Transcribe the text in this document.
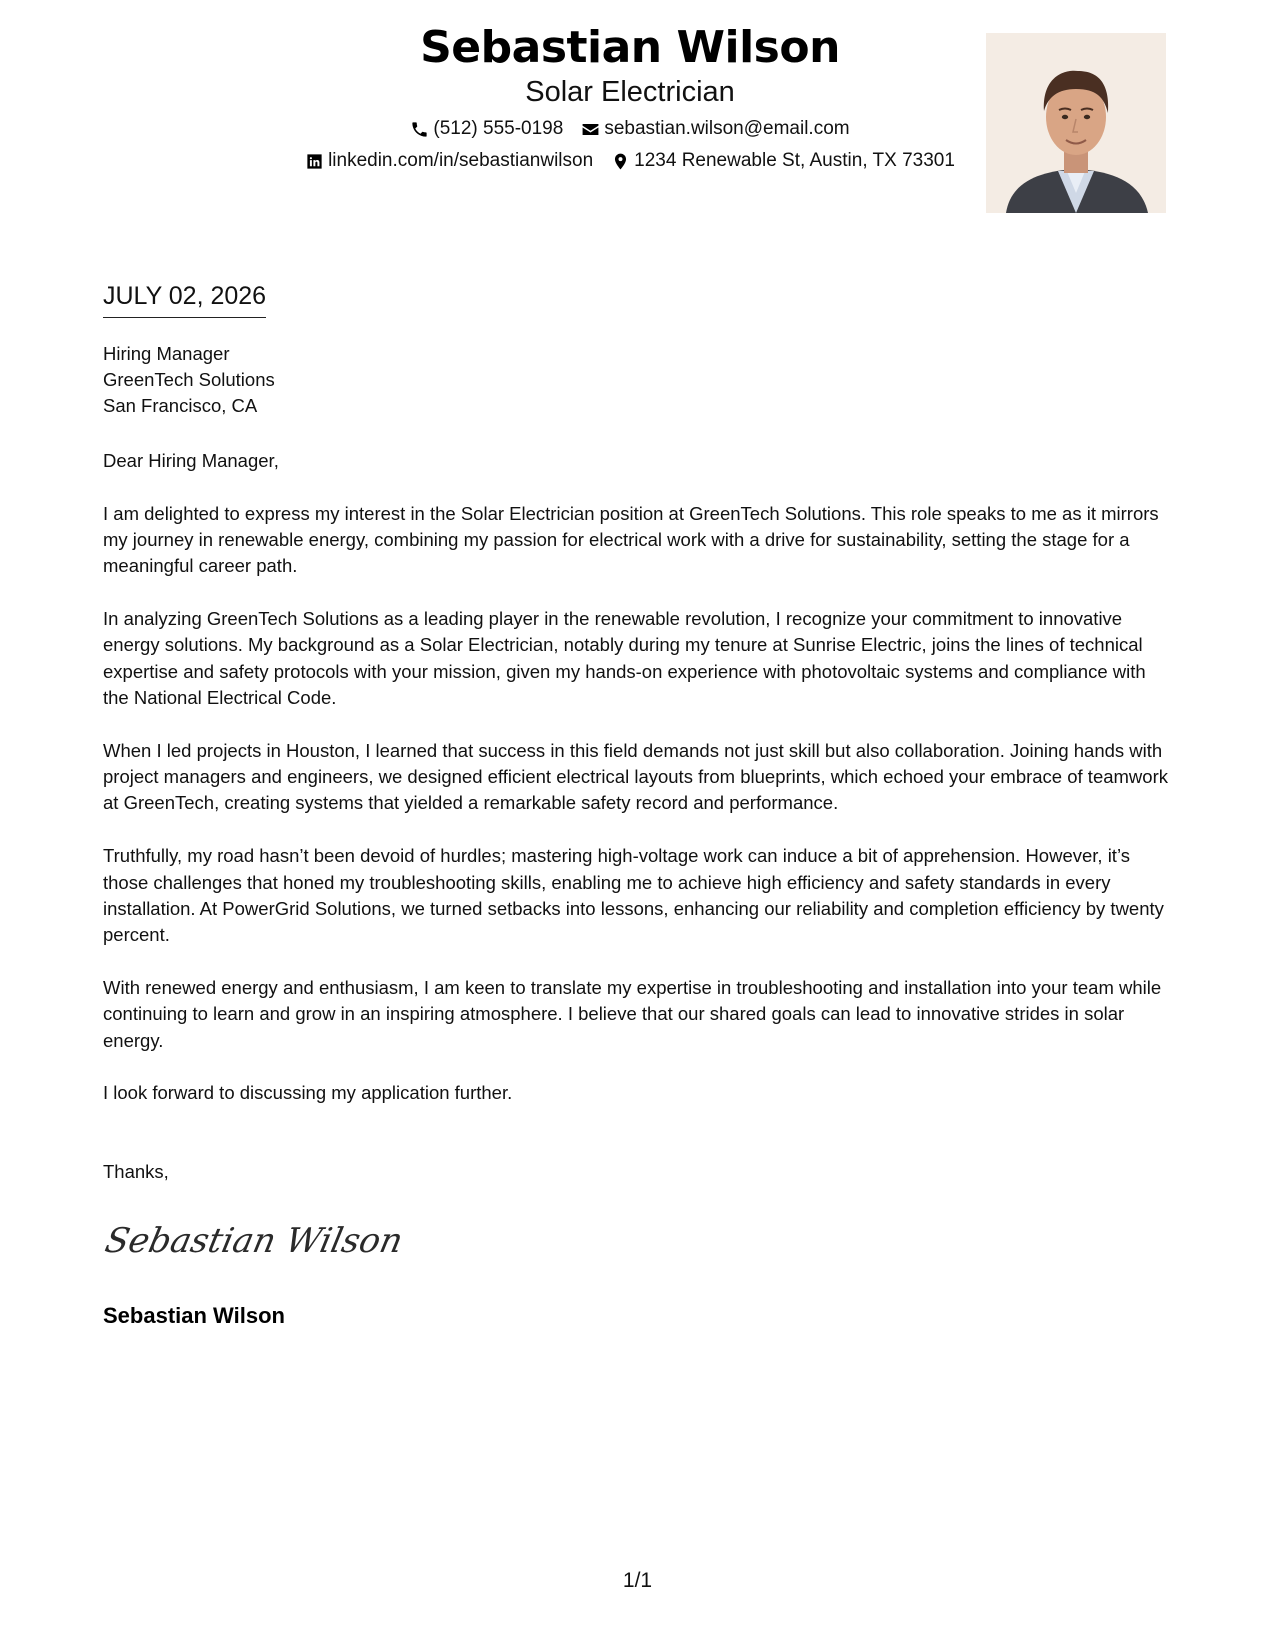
Sebastian Wilson
Solar Electrician
(512) 555-0198 sebastian.wilson@email.com
linkedin.com/in/sebastianwilson 1234 Renewable St, Austin, TX 73301
JULY 02, 2026
Hiring Manager
GreenTech Solutions
San Francisco, CA

Dear Hiring Manager,

I am delighted to express my interest in the Solar Electrician position at GreenTech Solutions. This role speaks to me as it mirrors my journey in renewable energy, combining my passion for electrical work with a drive for sustainability, setting the stage for a meaningful career path.

In analyzing GreenTech Solutions as a leading player in the renewable revolution, I recognize your commitment to innovative energy solutions. My background as a Solar Electrician, notably during my tenure at Sunrise Electric, joins the lines of technical expertise and safety protocols with your mission, given my hands-on experience with photovoltaic systems and compliance with the National Electrical Code.

When I led projects in Houston, I learned that success in this field demands not just skill but also collaboration. Joining hands with project managers and engineers, we designed efficient electrical layouts from blueprints, which echoed your embrace of teamwork at GreenTech, creating systems that yielded a remarkable safety record and performance.

Truthfully, my road hasn’t been devoid of hurdles; mastering high-voltage work can induce a bit of apprehension. However, it’s those challenges that honed my troubleshooting skills, enabling me to achieve high efficiency and safety standards in every installation. At PowerGrid Solutions, we turned setbacks into lessons, enhancing our reliability and completion efficiency by twenty percent.

With renewed energy and enthusiasm, I am keen to translate my expertise in troubleshooting and installation into your team while continuing to learn and grow in an inspiring atmosphere. I believe that our shared goals can lead to innovative strides in solar energy.

I look forward to discussing my application further.

Thanks,
Sebastian Wilson
Sebastian Wilson
1/1
